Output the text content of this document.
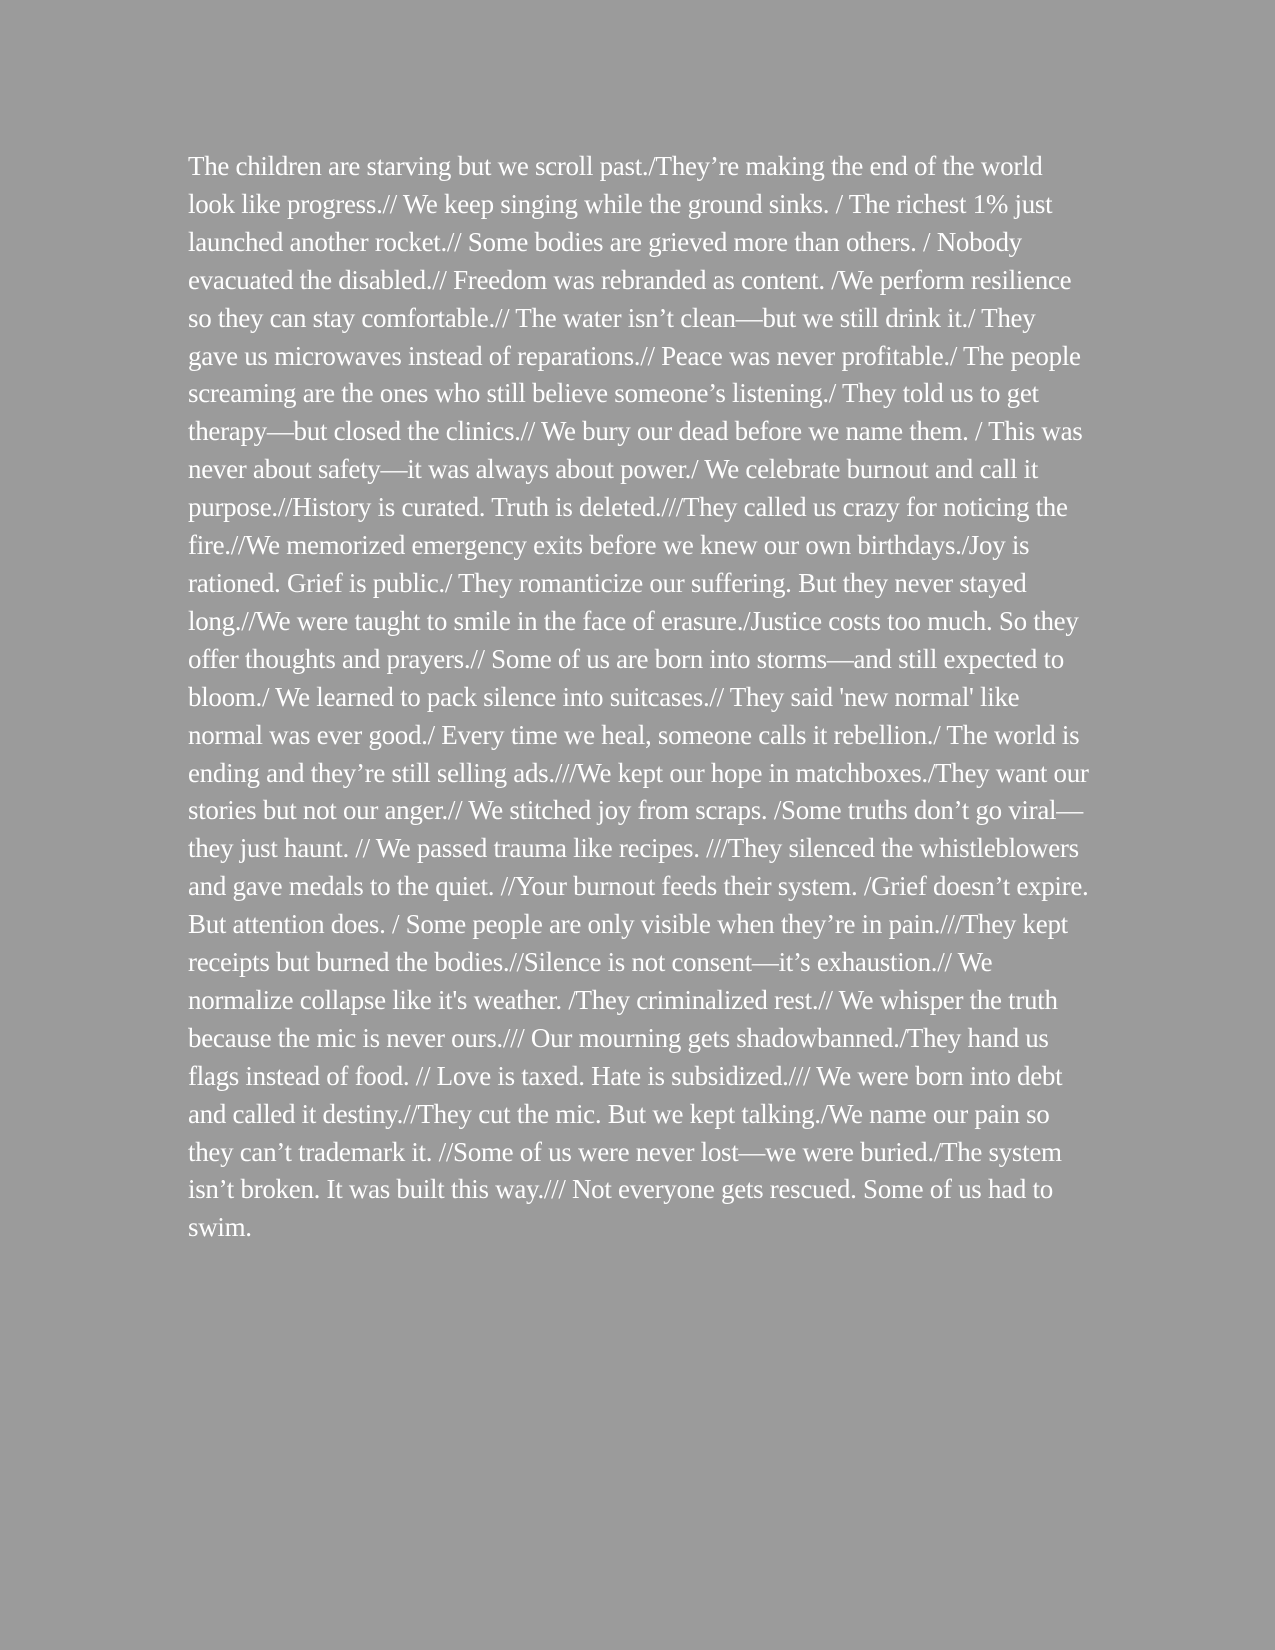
The children are starving but we scroll past./They’re making the end of the world look like progress.// We keep singing while the ground sinks. / The richest 1% just launched another rocket.// Some bodies are grieved more than others. / Nobody evacuated the disabled.// Freedom was rebranded as content. /We perform resilience so they can stay comfortable.// The water isn’t clean—but we still drink it./ They gave us microwaves instead of reparations.// Peace was never profitable./ The people screaming are the ones who still believe someone’s listening./ They told us to get therapy—but closed the clinics.// We bury our dead before we name them. / This was never about safety—it was always about power./ We celebrate burnout and call it purpose.//History is curated. Truth is deleted.///They called us crazy for noticing the fire.//We memorized emergency exits before we knew our own birthdays./Joy is rationed. Grief is public./ They romanticize our suffering. But they never stayed long.//We were taught to smile in the face of erasure./Justice costs too much. So they offer thoughts and prayers.// Some of us are born into storms—and still expected to bloom./ We learned to pack silence into suitcases.// They said 'new normal' like normal was ever good./ Every time we heal, someone calls it rebellion./ The world is ending and they’re still selling ads.///We kept our hope in matchboxes./They want our stories but not our anger.// We stitched joy from scraps. /Some truths don’t go viral—they just haunt. // We passed trauma like recipes. ///They silenced the whistleblowers and gave medals to the quiet. //Your burnout feeds their system. /Grief doesn’t expire. But attention does. / Some people are only visible when they’re in pain.///They kept receipts but burned the bodies.//Silence is not consent—it’s exhaustion.// We normalize collapse like it's weather. /They criminalized rest.// We whisper the truth because the mic is never ours./// Our mourning gets shadowbanned./They hand us flags instead of food. // Love is taxed. Hate is subsidized./// We were born into debt and called it destiny.//They cut the mic. But we kept talking./We name our pain so they can’t trademark it. //Some of us were never lost—we were buried./The system isn’t broken. It was built this way./// Not everyone gets rescued. Some of us had to swim.
